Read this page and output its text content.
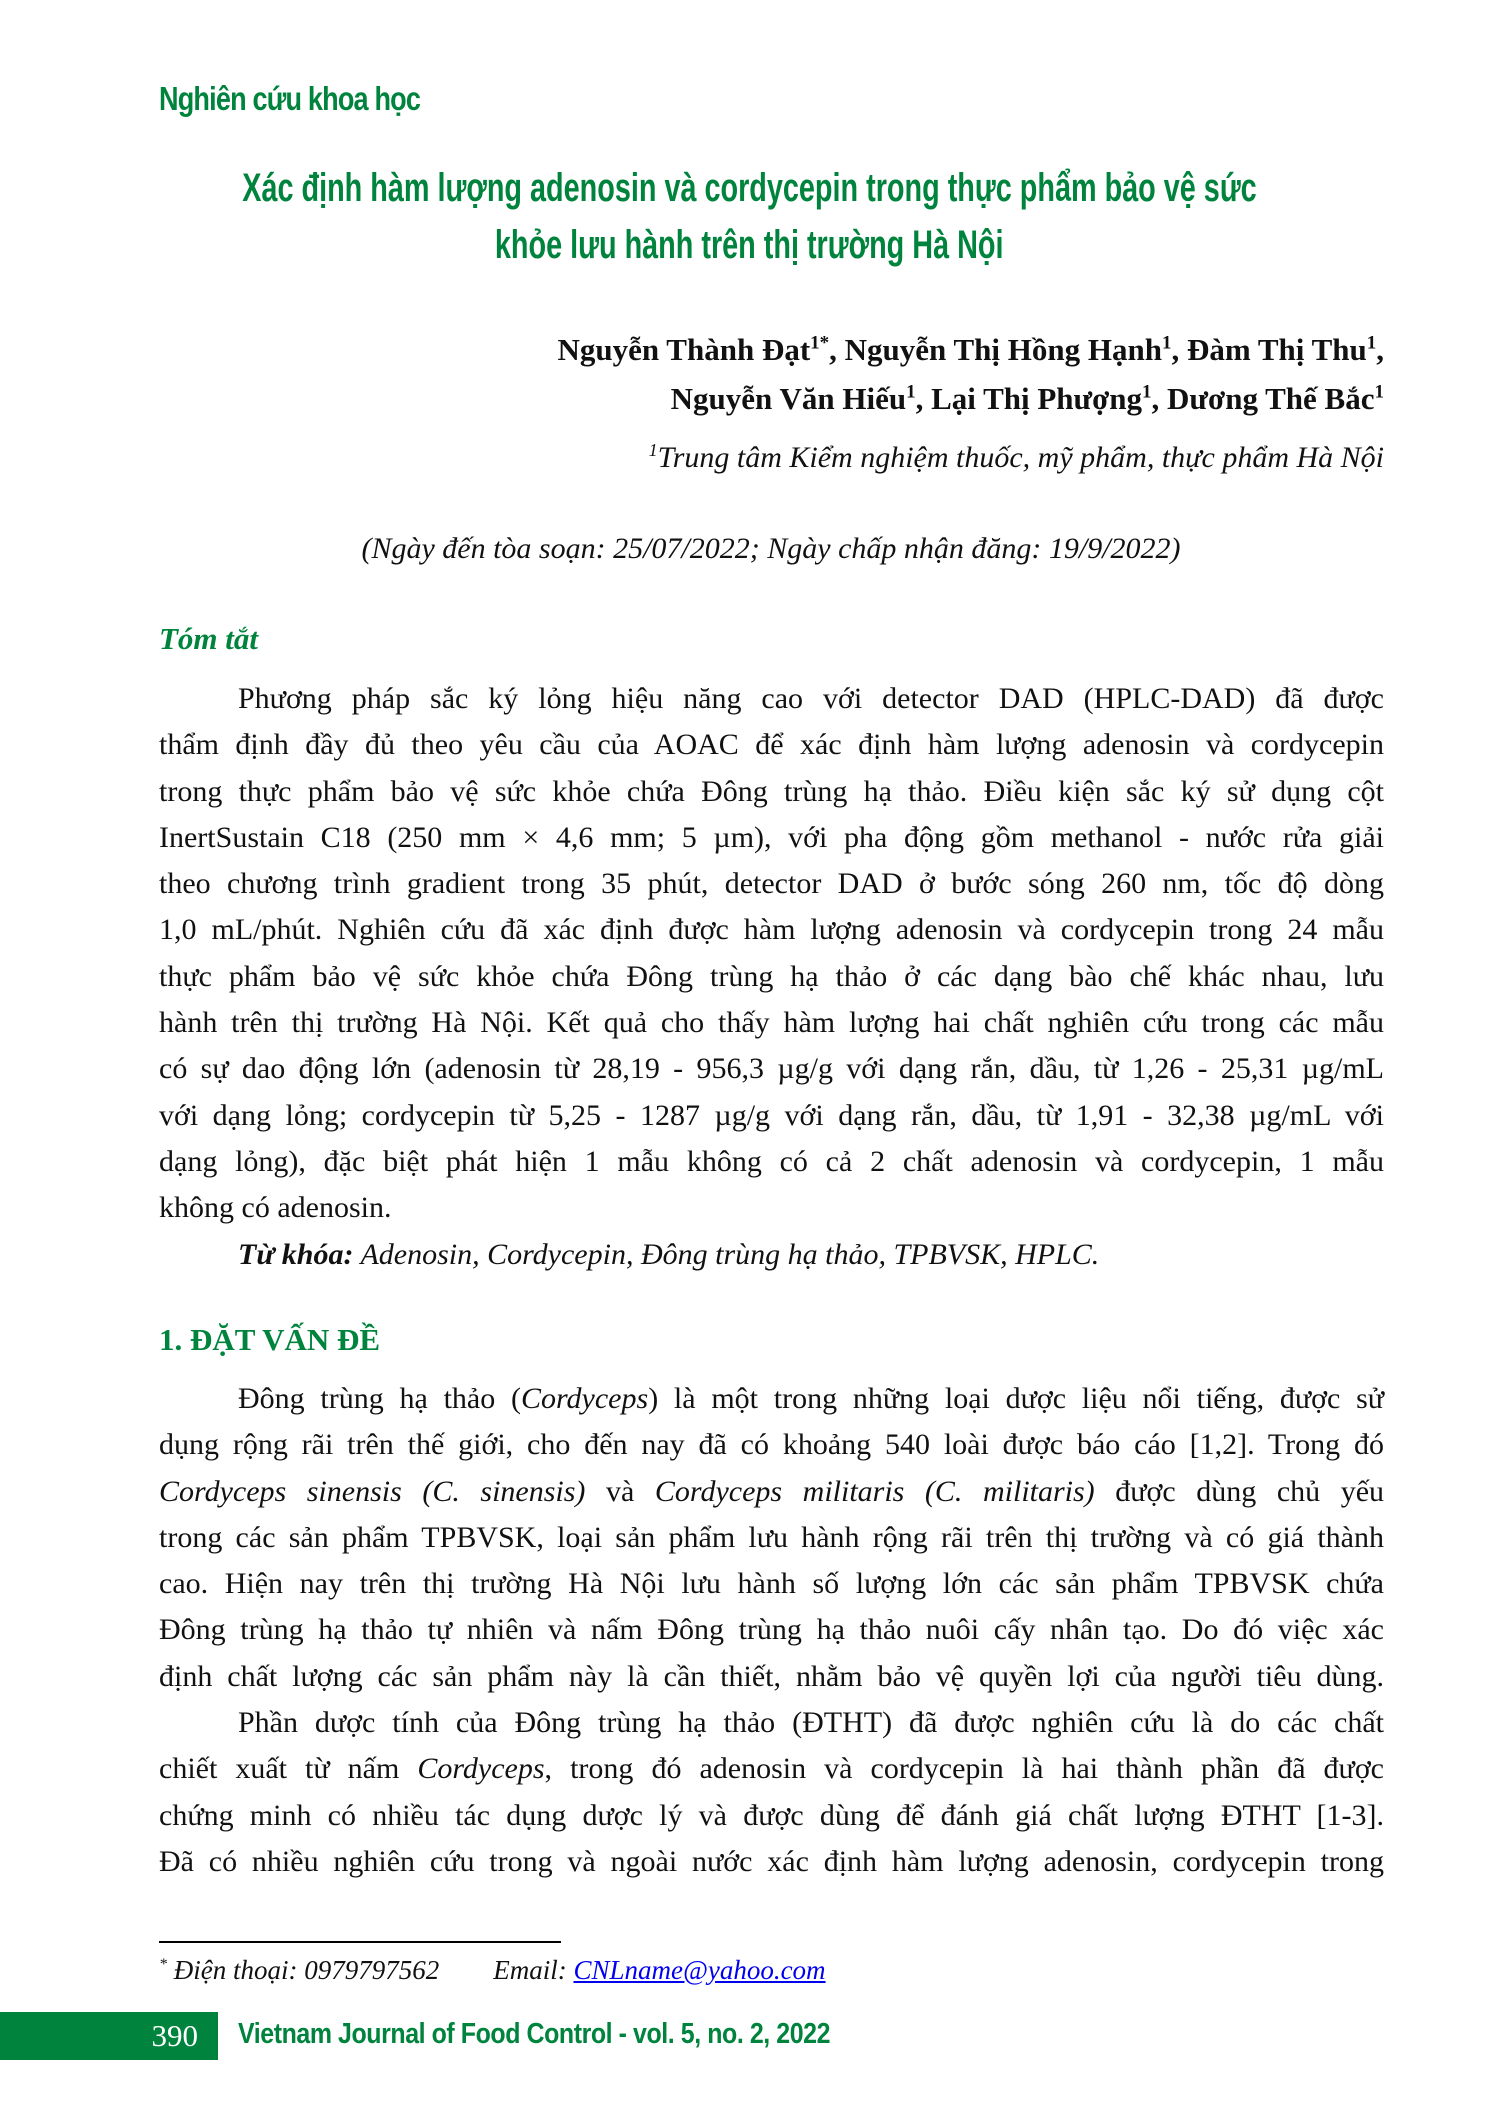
Nghiên cứu khoa học
Xác định hàm lượng adenosin và cordycepin trong thực phẩm bảo vệ sức
khỏe lưu hành trên thị trường Hà Nội
Nguyễn Thành Đạt$^{1*}$, Nguyễn Thị Hồng Hạnh$^1$, Đàm Thị Thu$^1$,
Nguyễn Văn Hiếu$^1$, Lại Thị Phượng$^1$, Dương Thế Bắc$^1$
$^1$Trung tâm Kiểm nghiệm thuốc, mỹ phẩm, thực phẩm Hà Nội
(Ngày đến tòa soạn: 25/07/2022; Ngày chấp nhận đăng: 19/9/2022)
Tóm tắt
Phương pháp sắc ký lỏng hiệu năng cao với detector DAD (HPLC-DAD) đã được
thẩm định đầy đủ theo yêu cầu của AOAC để xác định hàm lượng adenosin và cordycepin
trong thực phẩm bảo vệ sức khỏe chứa Đông trùng hạ thảo. Điều kiện sắc ký sử dụng cột
InertSustain C18 (250 mm × 4,6 mm; 5 µm), với pha động gồm methanol - nước rửa giải
theo chương trình gradient trong 35 phút, detector DAD ở bước sóng 260 nm, tốc độ dòng
1,0 mL/phút. Nghiên cứu đã xác định được hàm lượng adenosin và cordycepin trong 24 mẫu
thực phẩm bảo vệ sức khỏe chứa Đông trùng hạ thảo ở các dạng bào chế khác nhau, lưu
hành trên thị trường Hà Nội. Kết quả cho thấy hàm lượng hai chất nghiên cứu trong các mẫu
có sự dao động lớn (adenosin từ 28,19 - 956,3 µg/g với dạng rắn, dầu, từ 1,26 - 25,31 µg/mL
với dạng lỏng; cordycepin từ 5,25 - 1287 µg/g với dạng rắn, dầu, từ 1,91 - 32,38 µg/mL với
dạng lỏng), đặc biệt phát hiện 1 mẫu không có cả 2 chất adenosin và cordycepin, 1 mẫu
không có adenosin.
Từ khóa: Adenosin, Cordycepin, Đông trùng hạ thảo, TPBVSK, HPLC.
1. ĐẶT VẤN ĐỀ
Đông trùng hạ thảo (Cordyceps) là một trong những loại dược liệu nổi tiếng, được sử
dụng rộng rãi trên thế giới, cho đến nay đã có khoảng 540 loài được báo cáo [1,2]. Trong đó
Cordyceps sinensis (C. sinensis) và Cordyceps militaris (C. militaris) được dùng chủ yếu
trong các sản phẩm TPBVSK, loại sản phẩm lưu hành rộng rãi trên thị trường và có giá thành
cao. Hiện nay trên thị trường Hà Nội lưu hành số lượng lớn các sản phẩm TPBVSK chứa
Đông trùng hạ thảo tự nhiên và nấm Đông trùng hạ thảo nuôi cấy nhân tạo. Do đó việc xác
định chất lượng các sản phẩm này là cần thiết, nhằm bảo vệ quyền lợi của người tiêu dùng.
Phần dược tính của Đông trùng hạ thảo (ĐTHT) đã được nghiên cứu là do các chất
chiết xuất từ nấm Cordyceps, trong đó adenosin và cordycepin là hai thành phần đã được
chứng minh có nhiều tác dụng dược lý và được dùng để đánh giá chất lượng ĐTHT [1-3].
Đã có nhiều nghiên cứu trong và ngoài nước xác định hàm lượng adenosin, cordycepin trong
* Điện thoại: 0979797562 Email: CNLname@yahoo.com
390	Vietnam Journal of Food Control - vol. 5, no. 2, 2022
